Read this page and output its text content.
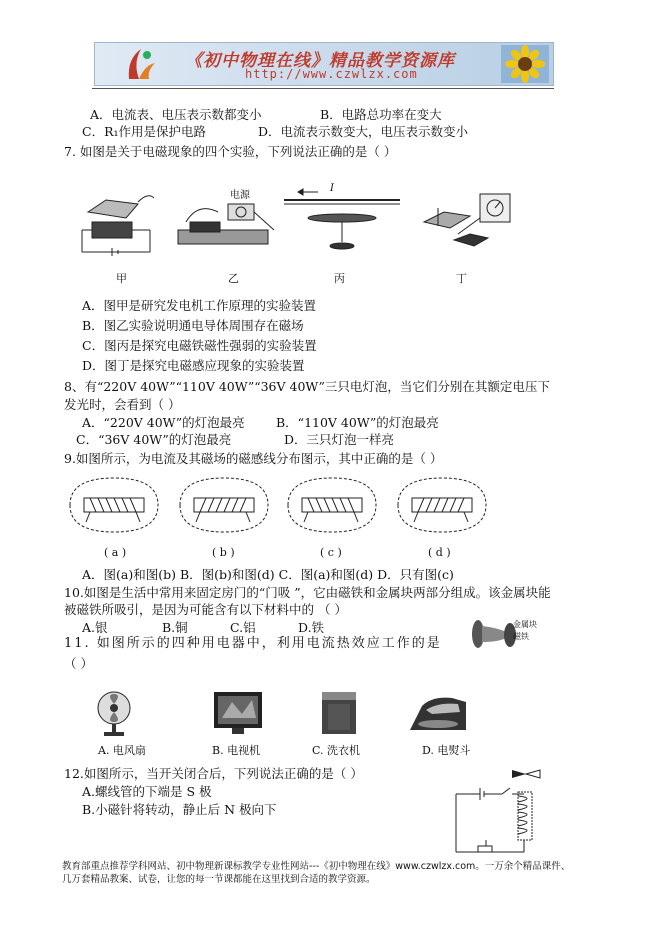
《初中物理在线》精品教学资源库
http://www.czwlzx.com
A．电流表、电压表示数都变小	B．电路总功率在变大
C．R₁作用是保护电路	D．电流表示数变大，电压表示数变小
7. 如图是关于电磁现象的四个实验，下列说法正确的是（ ）
电源
I
甲	乙	丙	丁
A．图甲是研究发电机工作原理的实验装置
B．图乙实验说明通电导体周围存在磁场
C．图丙是探究电磁铁磁性强弱的实验装置
D．图丁是探究电磁感应现象的实验装置
8、有“220V 40W”“110V 40W”“36V 40W”三只电灯泡，当它们分别在其额定电压下
发光时，会看到（ ）
A．“220V 40W”的灯泡最亮	B．“110V 40W”的灯泡最亮
C．“36V 40W”的灯泡最亮	D．三只灯泡一样亮
9.如图所示，为电流及其磁场的磁感线分布图示，其中正确的是（ ）
( a )	( b )	( c )	( d )
A．图(a)和图(b) B．图(b)和图(d) C．图(a)和图(d) D．只有图(c)
10.如图是生活中常用来固定房门的“门吸 ”，它由磁铁和金属块两部分组成。该金属块能
被磁铁所吸引，是因为可能含有以下材料中的 （ ）
A.银	B.铜	C.铝	D.铁	金属块
磁铁
11. 如图所示的四种用电器中，利用电流热效应工作的是
（ ）
A. 电风扇	B. 电视机	C. 洗衣机	D. 电熨斗
12.如图所示，当开关闭合后，下列说法正确的是（ ）
A.螺线管的下端是 S 极
B.小磁针将转动，静止后 N 极向下
教育部重点推荐学科网站、初中物理新课标教学专业性网站---《初中物理在线》www.czwlzx.com。一万余个精品课件、
几万套精品教案、试卷，让您的每一节课都能在这里找到合适的教学资源。
